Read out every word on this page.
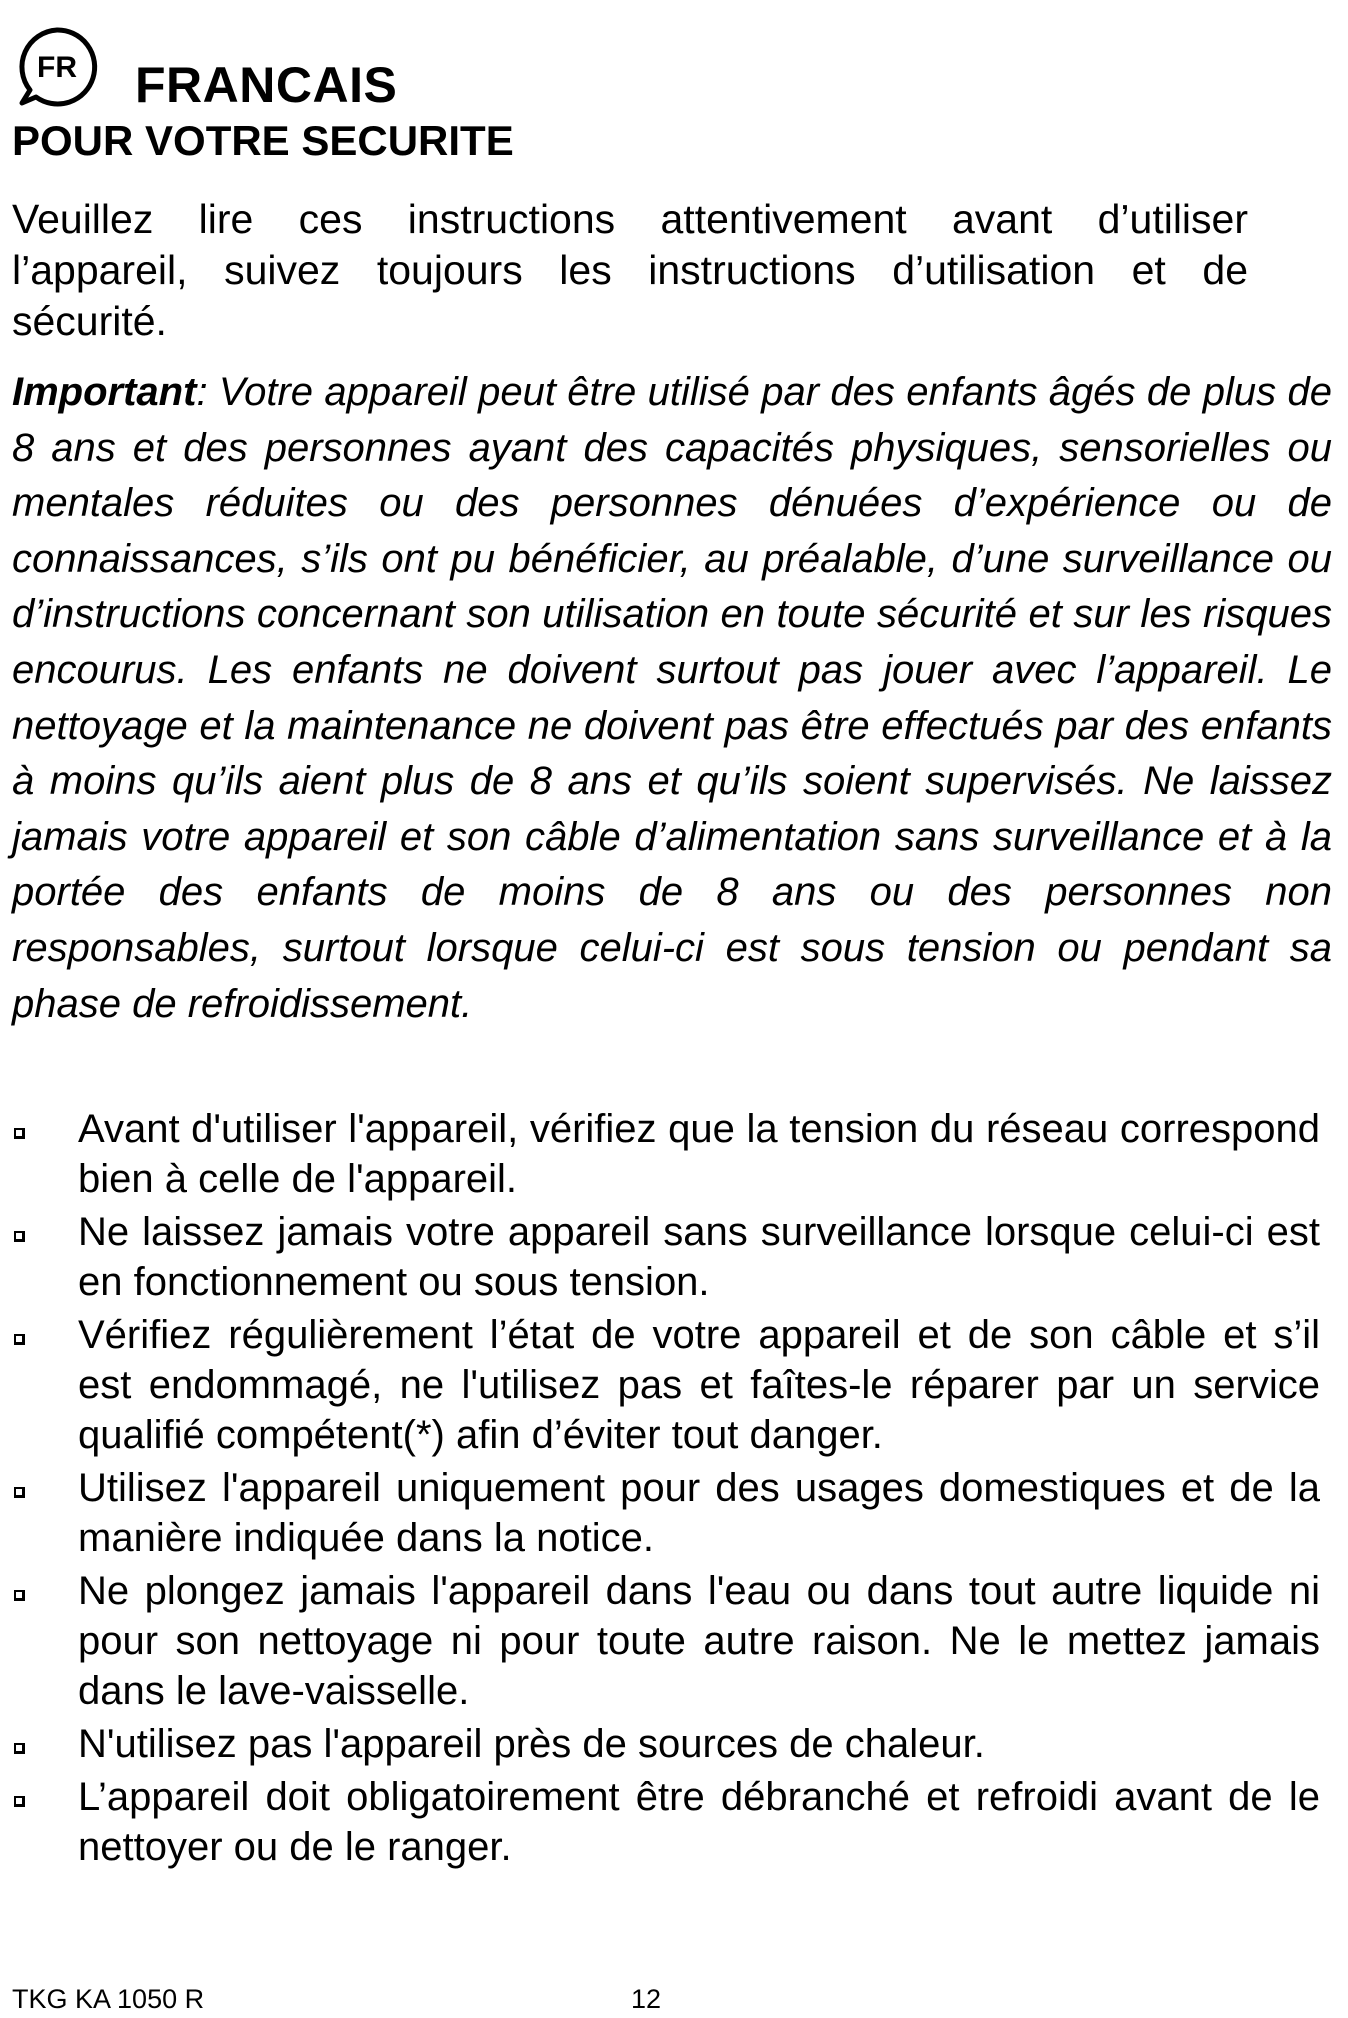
FR FRANCAIS
POUR VOTRE SECURITE

Veuillez lire ces instructions attentivement avant d’utiliser l’appareil, suivez toujours les instructions d’utilisation et de sécurité.

Important: Votre appareil peut être utilisé par des enfants âgés de plus de 8 ans et des personnes ayant des capacités physiques, sensorielles ou mentales réduites ou des personnes dénuées d’expérience ou de connaissances, s’ils ont pu bénéficier, au préalable, d’une surveillance ou d’instructions concernant son utilisation en toute sécurité et sur les risques encourus. Les enfants ne doivent surtout pas jouer avec l’appareil. Le nettoyage et la maintenance ne doivent pas être effectués par des enfants à moins qu’ils aient plus de 8 ans et qu’ils soient supervisés. Ne laissez jamais votre appareil et son câble d’alimentation sans surveillance et à la portée des enfants de moins de 8 ans ou des personnes non responsables, surtout lorsque celui-ci est sous tension ou pendant sa phase de refroidissement.

Avant d'utiliser l'appareil, vérifiez que la tension du réseau correspond bien à celle de l'appareil.
Ne laissez jamais votre appareil sans surveillance lorsque celui-ci est en fonctionnement ou sous tension.
Vérifiez régulièrement l’état de votre appareil et de son câble et s’il est endommagé, ne l'utilisez pas et faîtes-le réparer par un service qualifié compétent(*) afin d’éviter tout danger.
Utilisez l'appareil uniquement pour des usages domestiques et de la manière indiquée dans la notice.
Ne plongez jamais l'appareil dans l'eau ou dans tout autre liquide ni pour son nettoyage ni pour toute autre raison. Ne le mettez jamais dans le lave-vaisselle.
N'utilisez pas l'appareil près de sources de chaleur.
L’appareil doit obligatoirement être débranché et refroidi avant de le nettoyer ou de le ranger.
TKG KA 1050 R	12
